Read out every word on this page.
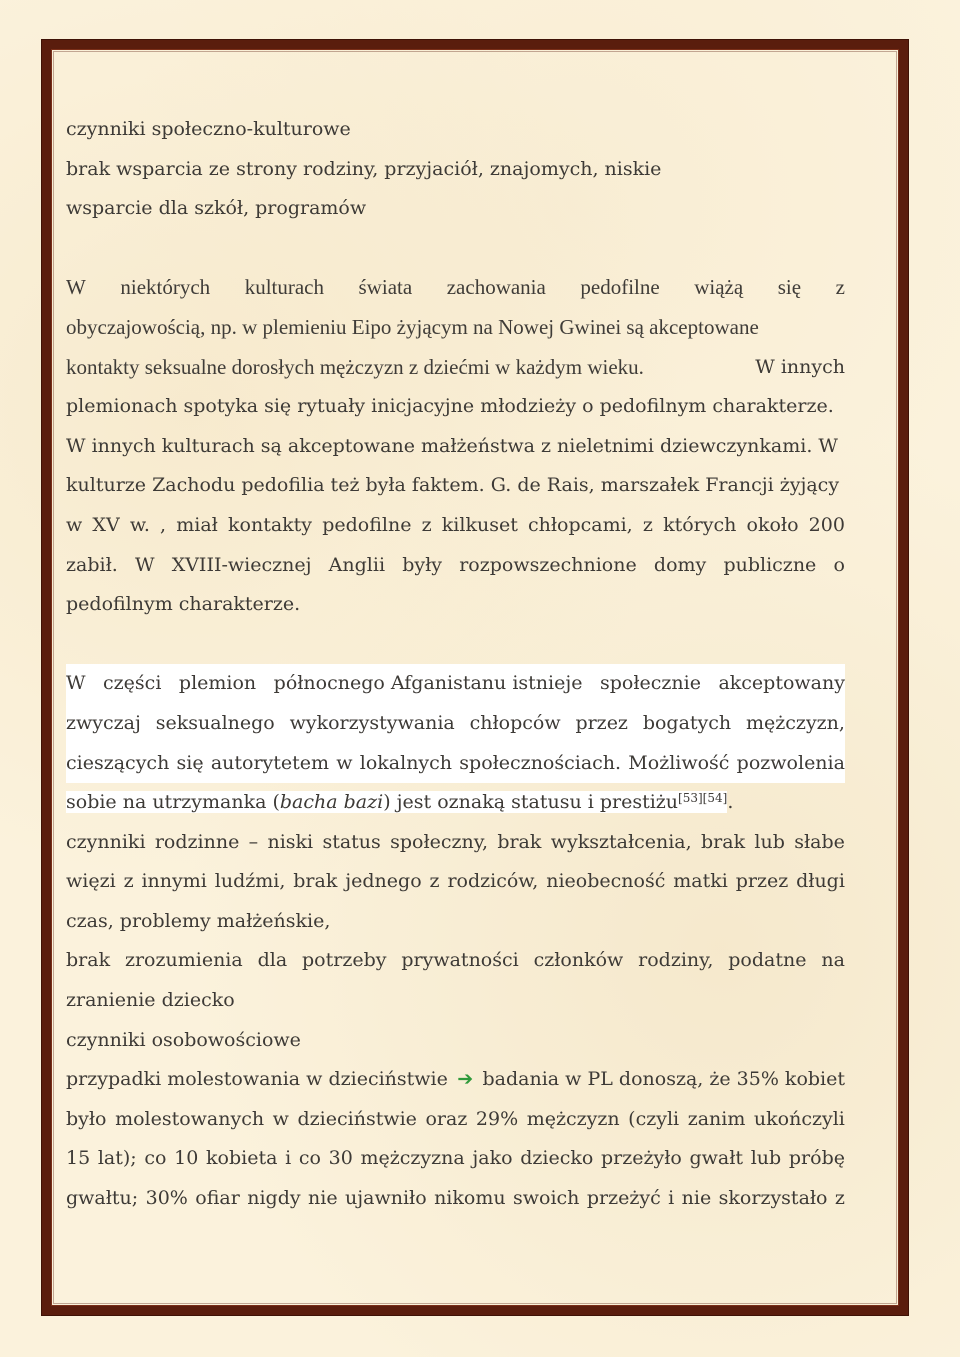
czynniki społeczno-kulturowe
brak wsparcia ze strony rodziny, przyjaciół, znajomych, niskie
wsparcie dla szkół, programów
W niektórych kulturach świata zachowania pedofilne wiążą się z
obyczajowością, np. w plemieniu Eipo żyjącym na Nowej Gwinei są akceptowane
kontakty seksualne dorosłych mężczyzn z dziećmi w każdym wieku.	W innych
plemionach spotyka się rytuały inicjacyjne młodzieży o pedofilnym charakterze.
W innych kulturach są akceptowane małżeństwa z nieletnimi dziewczynkami. W
kulturze Zachodu pedofilia też była faktem. G. de Rais, marszałek Francji żyjący
w XV w. , miał kontakty pedofilne z kilkuset chłopcami, z których około 200
zabił. W XVIII-wiecznej Anglii były rozpowszechnione domy publiczne o
pedofilnym charakterze.
W części plemion północnego Afganistanu istnieje społecznie akceptowany
zwyczaj seksualnego wykorzystywania chłopców przez bogatych mężczyzn,
cieszących się autorytetem w lokalnych społecznościach. Możliwość pozwolenia
sobie na utrzymanka (bacha bazi) jest oznaką statusu i prestiżu[53][54].
czynniki rodzinne – niski status społeczny, brak wykształcenia, brak lub słabe
więzi z innymi ludźmi, brak jednego z rodziców, nieobecność matki przez długi
czas, problemy małżeńskie,
brak zrozumienia dla potrzeby prywatności członków rodziny, podatne na
zranienie dziecko
czynniki osobowościowe
przypadki molestowania w dzieciństwie ➔ badania w PL donoszą, że 35% kobiet
było molestowanych w dzieciństwie oraz 29% mężczyzn (czyli zanim ukończyli
15 lat); co 10 kobieta i co 30 mężczyzna jako dziecko przeżyło gwałt lub próbę
gwałtu; 30% ofiar nigdy nie ujawniło nikomu swoich przeżyć i nie skorzystało z
